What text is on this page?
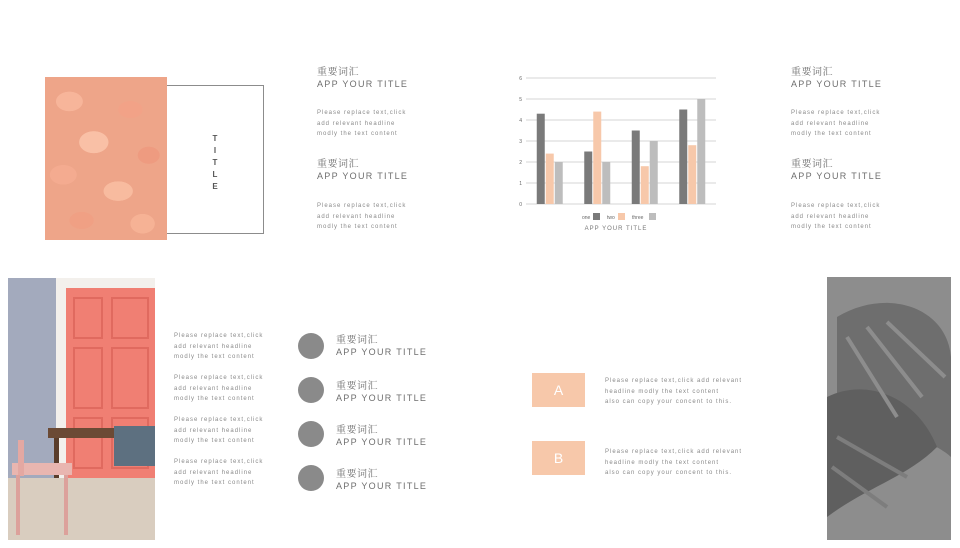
T
I
T
L
E
重要词汇
APP YOUR TITLE
Please replace text,click
add relevant headline
modly the text content
重要词汇
APP YOUR TITLE
Please replace text,click
add relevant headline
modly the text content
0
1
2
3
4
5
6
one	two	three
APP YOUR TITLE
重要词汇
APP YOUR TITLE
Please replace text,click
add relevant headline
modly the text content
重要词汇
APP YOUR TITLE
Please replace text,click
add relevant headline
modly the text content
Please replace text,click
add relevant headline
modly the text content
Please replace text,click
add relevant headline
modly the text content
Please replace text,click
add relevant headline
modly the text content
Please replace text,click
add relevant headline
modly the text content
重要词汇
APP YOUR TITLE
重要词汇
APP YOUR TITLE
重要词汇
APP YOUR TITLE
重要词汇
APP YOUR TITLE
A
Please replace text,click add relevant
headline modly the text content
also can copy your concent to this.
B	Please replace text,click add relevant
headline modly the text content
also can copy your concent to this.
